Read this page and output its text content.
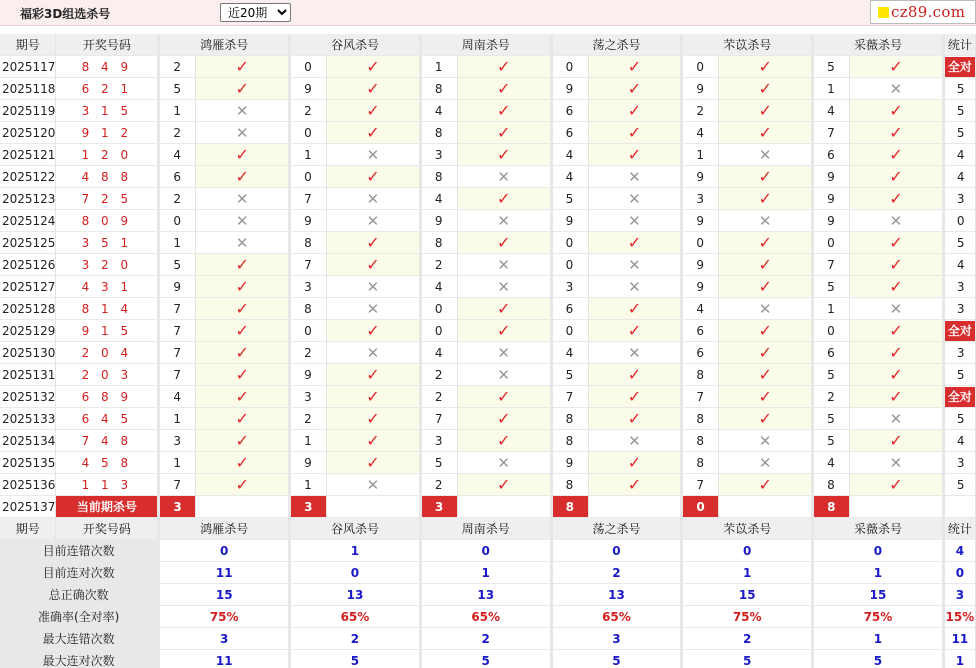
福彩3D组选杀号
近20期	cz89.com
期号	开奖号码	鸿雁杀号		谷风杀号		周南杀号		荡之杀号		芣苡杀号		采薇杀号		统计
2025117	8 4 9	2	✓	0	✓	1	✓	0	✓	0	✓	5	✓	全对
2025118	6 2 1	5	✓	9	✓	8	✓	9	✓	9	✓	1	✕	5
2025119	3 1 5	1	✕	2	✓	4	✓	6	✓	2	✓	4	✓	5
2025120	9 1 2	2	✕	0	✓	8	✓	6	✓	4	✓	7	✓	5
2025121	1 2 0	4	✓	1	✕	3	✓	4	✓	1	✕	6	✓	4
2025122	4 8 8	6	✓	0	✓	8	✕	4	✕	9	✓	9	✓	4
2025123	7 2 5	2	✕	7	✕	4	✓	5	✕	3	✓	9	✓	3
2025124	8 0 9	0	✕	9	✕	9	✕	9	✕	9	✕	9	✕	0
2025125	3 5 1	1	✕	8	✓	8	✓	0	✓	0	✓	0	✓	5
2025126	3 2 0	5	✓	7	✓	2	✕	0	✕	9	✓	7	✓	4
2025127	4 3 1	9	✓	3	✕	4	✕	3	✕	9	✓	5	✓	3
2025128	8 1 4	7	✓	8	✕	0	✓	6	✓	4	✕	1	✕	3
2025129	9 1 5	7	✓	0	✓	0	✓	0	✓	6	✓	0	✓	全对
2025130	2 0 4	7	✓	2	✕	4	✕	4	✕	6	✓	6	✓	3
2025131	2 0 3	7	✓	9	✓	2	✕	5	✓	8	✓	5	✓	5
2025132	6 8 9	4	✓	3	✓	2	✓	7	✓	7	✓	2	✓	全对
2025133	6 4 5	1	✓	2	✓	7	✓	8	✓	8	✓	5	✕	5
2025134	7 4 8	3	✓	1	✓	3	✓	8	✕	8	✕	5	✓	4
2025135	4 5 8	1	✓	9	✓	5	✕	9	✓	8	✕	4	✕	3
2025136	1 1 3	7	✓	1	✕	2	✓	8	✓	7	✓	8	✓	5
2025137	当前期杀号	3		3		3		8		0		8		
期号	开奖号码	鸿雁杀号		谷风杀号		周南杀号		荡之杀号		芣苡杀号		采薇杀号		统计
目前连错次数		0		1		0		0		0		0		4
目前连对次数		11		0		1		2		1		1		0
总正确次数		15		13		13		13		15		15		3
准确率(全对率)		75%		65%		65%		65%		75%		75%		15%
最大连错次数		3		2		2		3		2		1		11
最大连对次数		11		5		5		5		5		5		1
